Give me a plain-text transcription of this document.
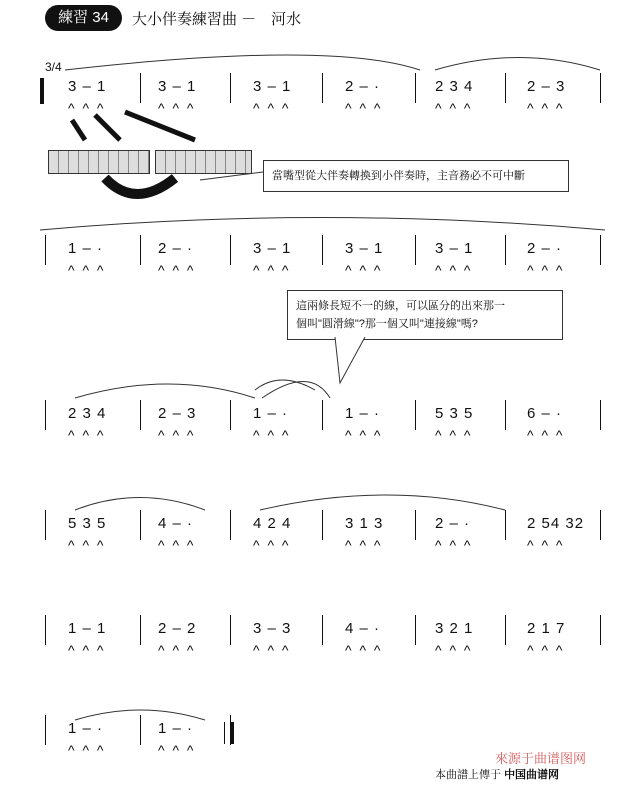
練習 34	大小伴奏練習曲 －　河水
3/4
3 – 1
^ ^ ^
3 – 1
^ ^ ^
3 – 1
^ ^ ^
2 – ·
^ ^ ^
2 3 4
^ ^ ^
2 – 3
^ ^ ^
1 – ·
^ ^ ^
2 – ·
^ ^ ^
3 – 1
^ ^ ^
3 – 1
^ ^ ^
3 – 1
^ ^ ^
2 – ·
^ ^ ^
2 3 4
^ ^ ^
2 – 3
^ ^ ^
1 – ·
^ ^ ^
1 – ·
^ ^ ^
5 3 5
^ ^ ^
6 – ·
^ ^ ^
5 3 5
^ ^ ^
4 – ·
^ ^ ^
4 2 4
^ ^ ^
3 1 3
^ ^ ^
2 – ·
^ ^ ^
2 54 32
^ ^ ^
1 – 1
^ ^ ^
2 – 2
^ ^ ^
3 – 3
^ ^ ^
4 – ·
^ ^ ^
3 2 1
^ ^ ^
2 1 7
^ ^ ^
1 – ·
^ ^ ^
1 – ·
^ ^ ^
當嘴型從大伴奏轉換到小伴奏時，主音務必不可中斷
這兩條長短不一的線，可以區分的出來那一
個叫"圓滑線"?那一個又叫"連接線"嗎?
本曲譜上傳于 中国曲谱网
來源于曲谱图网
